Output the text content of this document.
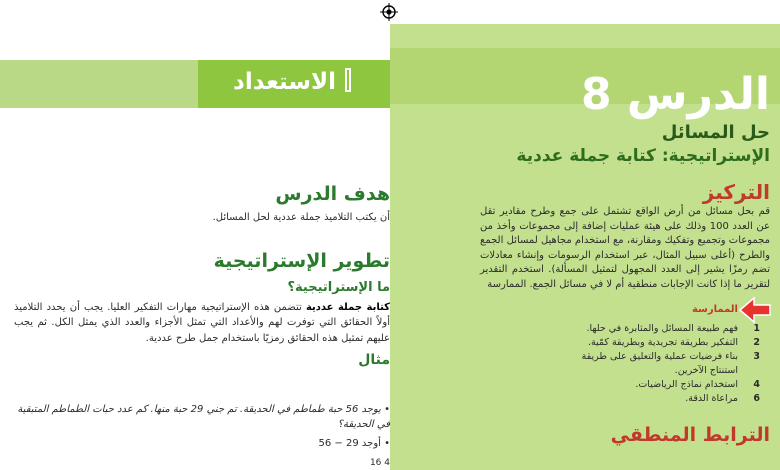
الاستعداد	الدرس 8
حل المسائل
الإستراتيجية: كتابة جملة عددية
التركيز
قم بحل مسائل من أرض الواقع تشتمل على جمع وطرح مقادير تقل عن العدد 100 وذلك على هيئة عمليات إضافة إلى مجموعات وأخذ من مجموعات وتجميع وتفكيك ومقارنة، مع استخدام مجاهيل لمسائل الجمع والطرح (أعلى سبيل المثال، عبر استخدام الرسومات وإنشاء معادلات تضم رمزًا يشير إلى العدد المجهول لتمثيل المسألة). استخدم التقدير لتقرير ما إذا كانت الإجابات منطقية أم لا في مسائل الجمع. الممارسة
الممارسة
1
فهم طبيعة المسائل والمثابرة في حلها.
2
التفكير بطريقة تجريدية وبطريقة كمّية.
3
بناء فرضيات عملية والتعليق على طريقة استنتاج الآخرين.
4
استخدام نماذج الرياضيات.
6
مراعاة الدقة.
الترابط المنطقي
هدف الدرس
أن يكتب التلاميذ جملة عددية لحل المسائل.
تطوير الإستراتيجية
ما الإستراتيجية؟
كتابة جملة عددية تتضمن هذه الإستراتيجية مهارات التفكير العليا. يجب أن يحدد التلاميذ أولاً الحقائق التي توفرت لهم والأعداد التي تمثل الأجزاء والعدد الذي يمثل الكل. ثم يجب عليهم تمثيل هذه الحقائق رمزيًا باستخدام جمل طرح عددية.
مثال
• يوجد 56 حبة طماطم في الحديقة. تم جني 29 حبة منها. كم عدد حبات الطماطم المتبقية في الحديقة؟
• أوجد 29 − 56
4 16
